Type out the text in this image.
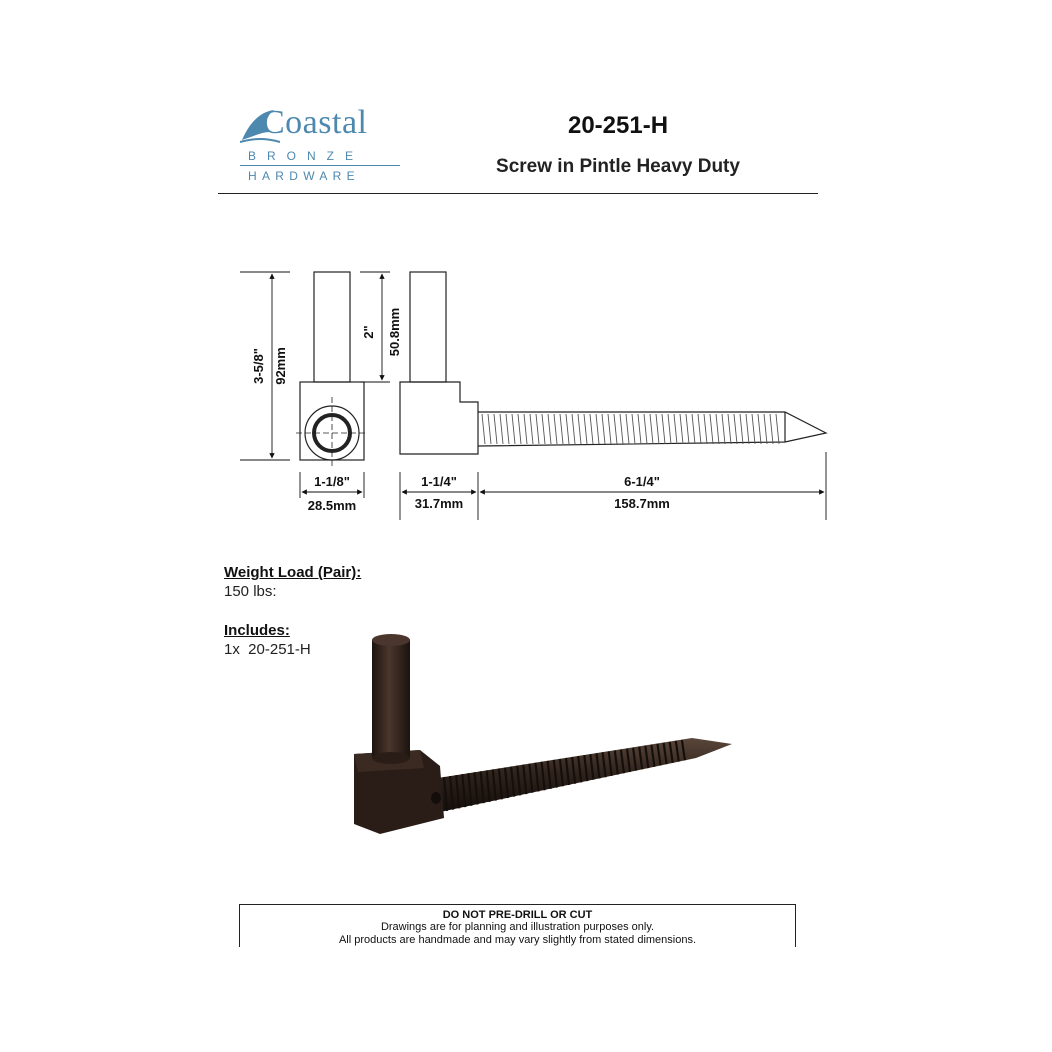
Coastal
BRONZE
HARDWARE
20-251-H
Screw in Pintle Heavy Duty
3-5/8" 92mm
2" 50.8mm
1-1/8"
28.5mm
1-1/4"
31.7mm
6-1/4"
158.7mm
Weight Load (Pair):
150 lbs:
Includes:
1x  20-251-H
DO NOT PRE-DRILL OR CUT
Drawings are for planning and illustration purposes only.
All products are handmade and may vary slightly from stated dimensions.
